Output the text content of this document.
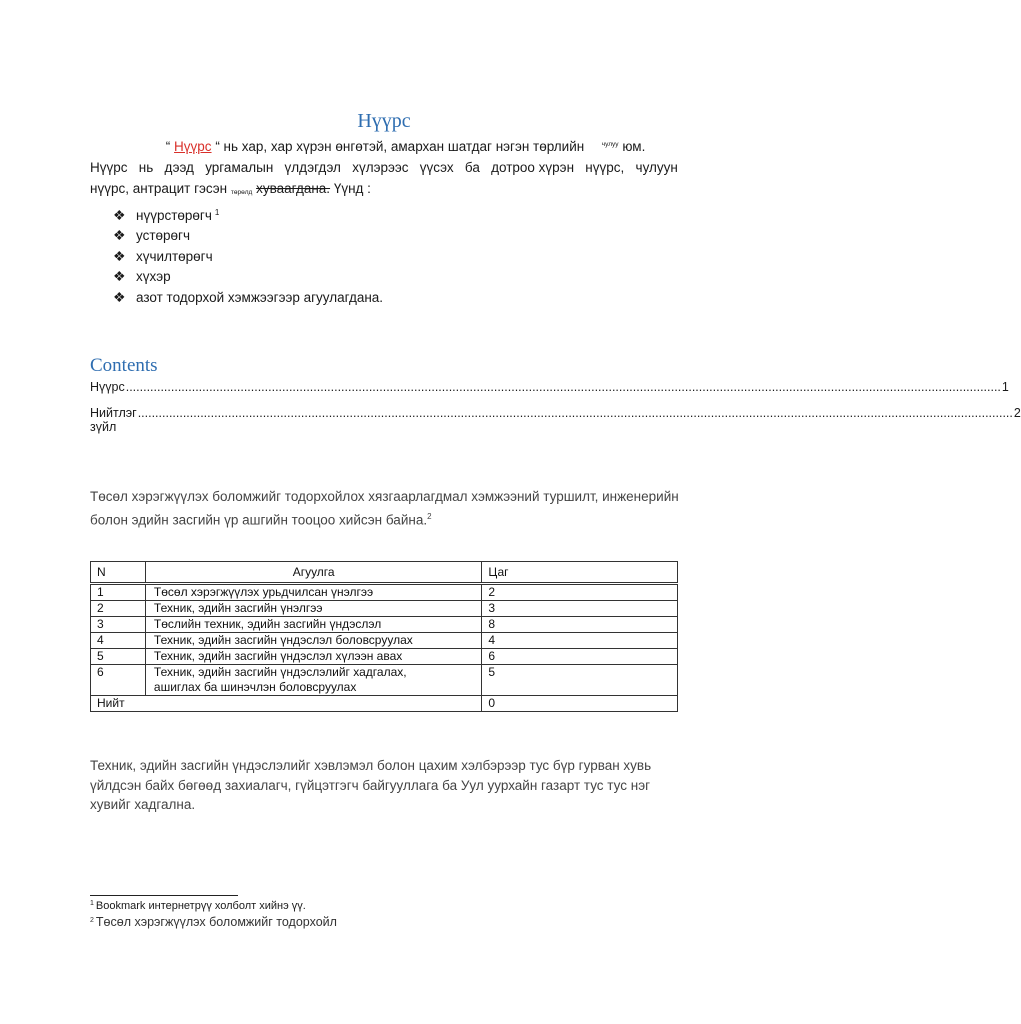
Нүүрс
“ Нүүрс “ нь хар, хар хүрэн өнгөтэй, амархан шатдаг нэгэн төрлийн	$^{чулуу}$ юм.
Нүүрс нь дээд ургамалын үлдэгдэл хүлэрээс үүсэх ба дотроо хүрэн нүүрс, чулуун
нүүрс, антрацит гэсэн төрөлд хуваагдана. Үүнд :
❖ нүүрстөрөгч $^1$
❖ устөрөгч
❖ хүчилтөрөгч
❖ хүхэр
❖ азот тодорхой хэмжээгээр агуулагдана.
Contents
Нүүрс ............................................................................................................................................................................................................................................................ 1
Нийтлэг зүйл
............................................................................................................................................................................................................................................................ 2
Төсөл хэрэгжүүлэх боломжийг тодорхойлох хязгаарлагдмал хэмжээний туршилт, инженерийн
болон эдийн засгийн үр ашгийн тооцоо хийсэн байна.$^2$
N	Агуулга	Цаг
1	Төсөл хэрэгжүүлэх урьдчилсан үнэлгээ	2
2	Техник, эдийн засгийн үнэлгээ	3
3	Төслийн техник, эдийн засгийн үндэслэл	8
4	Техник, эдийн засгийн үндэслэл боловсруулах	4
5	Техник, эдийн засгийн үндэслэл хүлээн авах	6
6	Техник, эдийн засгийн үндэслэлийг хадгалах,
ашиглах ба шинэчлэн боловсруулах	5
Нийт		0
Техник, эдийн засгийн үндэслэлийг хэвлэмэл болон цахим хэлбэрээр тус бүр гурван хувь
үйлдсэн байх бөгөөд захиалагч, гүйцэтгэгч байгууллага ба Уул уурхайн газарт тус тус нэг
хувийг хадгална.
$^1$ Bookmark интернетрүү холболт хийнэ үү.
$^2$ Төсөл хэрэгжүүлэх боломжийг тодорхойл
